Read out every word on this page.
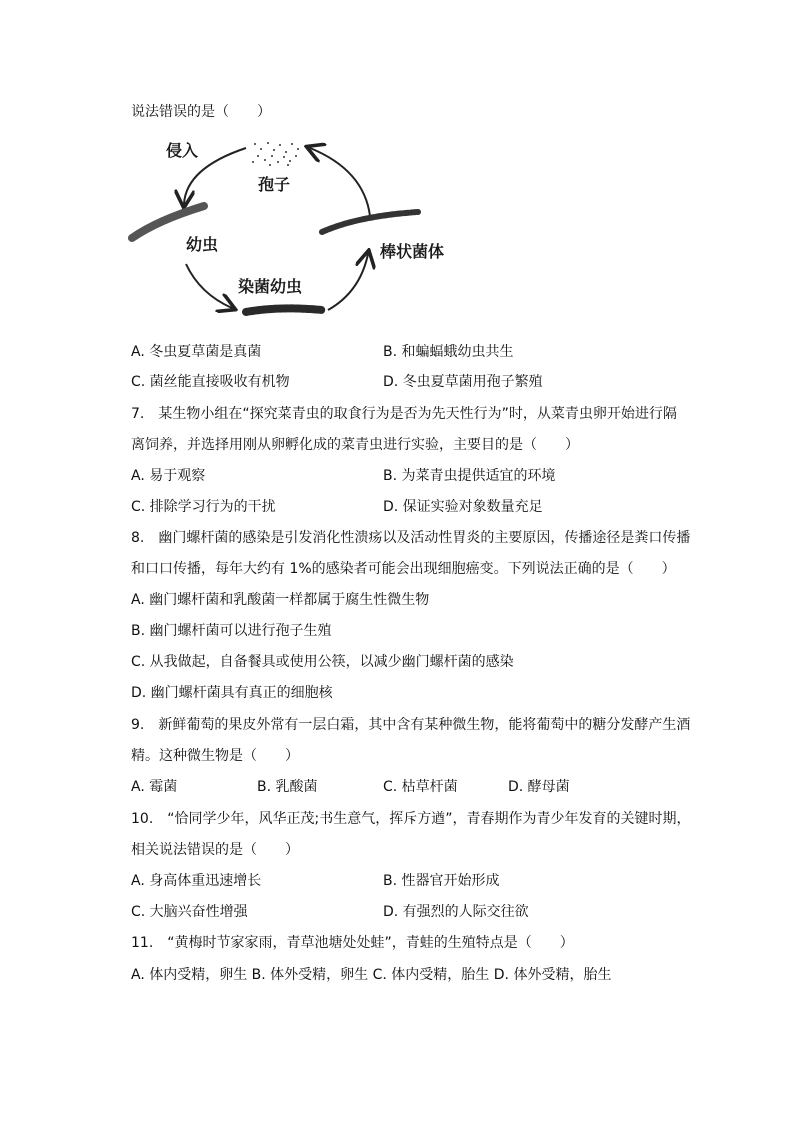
说法错误的是（　　）
侵入
孢子
幼虫	棒状菌体
染菌幼虫
A. 冬虫夏草菌是真菌	B. 和蝙蝠蛾幼虫共生
C. 菌丝能直接吸收有机物	D. 冬虫夏草菌用孢子繁殖
7.　某生物小组在“探究菜青虫的取食行为是否为先天性行为”时，从菜青虫卵开始进行隔
离饲养，并选择用刚从卵孵化成的菜青虫进行实验，主要目的是（　　）
A. 易于观察	B. 为菜青虫提供适宜的环境
C. 排除学习行为的干扰	D. 保证实验对象数量充足
8.　幽门螺杆菌的感染是引发消化性溃疡以及活动性胃炎的主要原因，传播途径是粪口传播
和口口传播，每年大约有 1%的感染者可能会出现细胞癌变。下列说法正确的是（　　）
A. 幽门螺杆菌和乳酸菌一样都属于腐生性微生物
B. 幽门螺杆菌可以进行孢子生殖
C. 从我做起，自备餐具或使用公筷，以减少幽门螺杆菌的感染
D. 幽门螺杆菌具有真正的细胞核
9.　新鲜葡萄的果皮外常有一层白霜，其中含有某种微生物，能将葡萄中的糖分发酵产生酒
精。这种微生物是（　　）
A. 霉菌	B. 乳酸菌	C. 枯草杆菌	D. 酵母菌
10.　“恰同学少年，风华正茂;书生意气，挥斥方遒”，青春期作为青少年发育的关键时期，
相关说法错误的是（　　）
A. 身高体重迅速增长	B. 性器官开始形成
C. 大脑兴奋性增强	D. 有强烈的人际交往欲
11.　“黄梅时节家家雨，青草池塘处处蛙”，青蛙的生殖特点是（　　）
A. 体内受精，卵生 B. 体外受精，卵生 C. 体内受精，胎生 D. 体外受精，胎生
